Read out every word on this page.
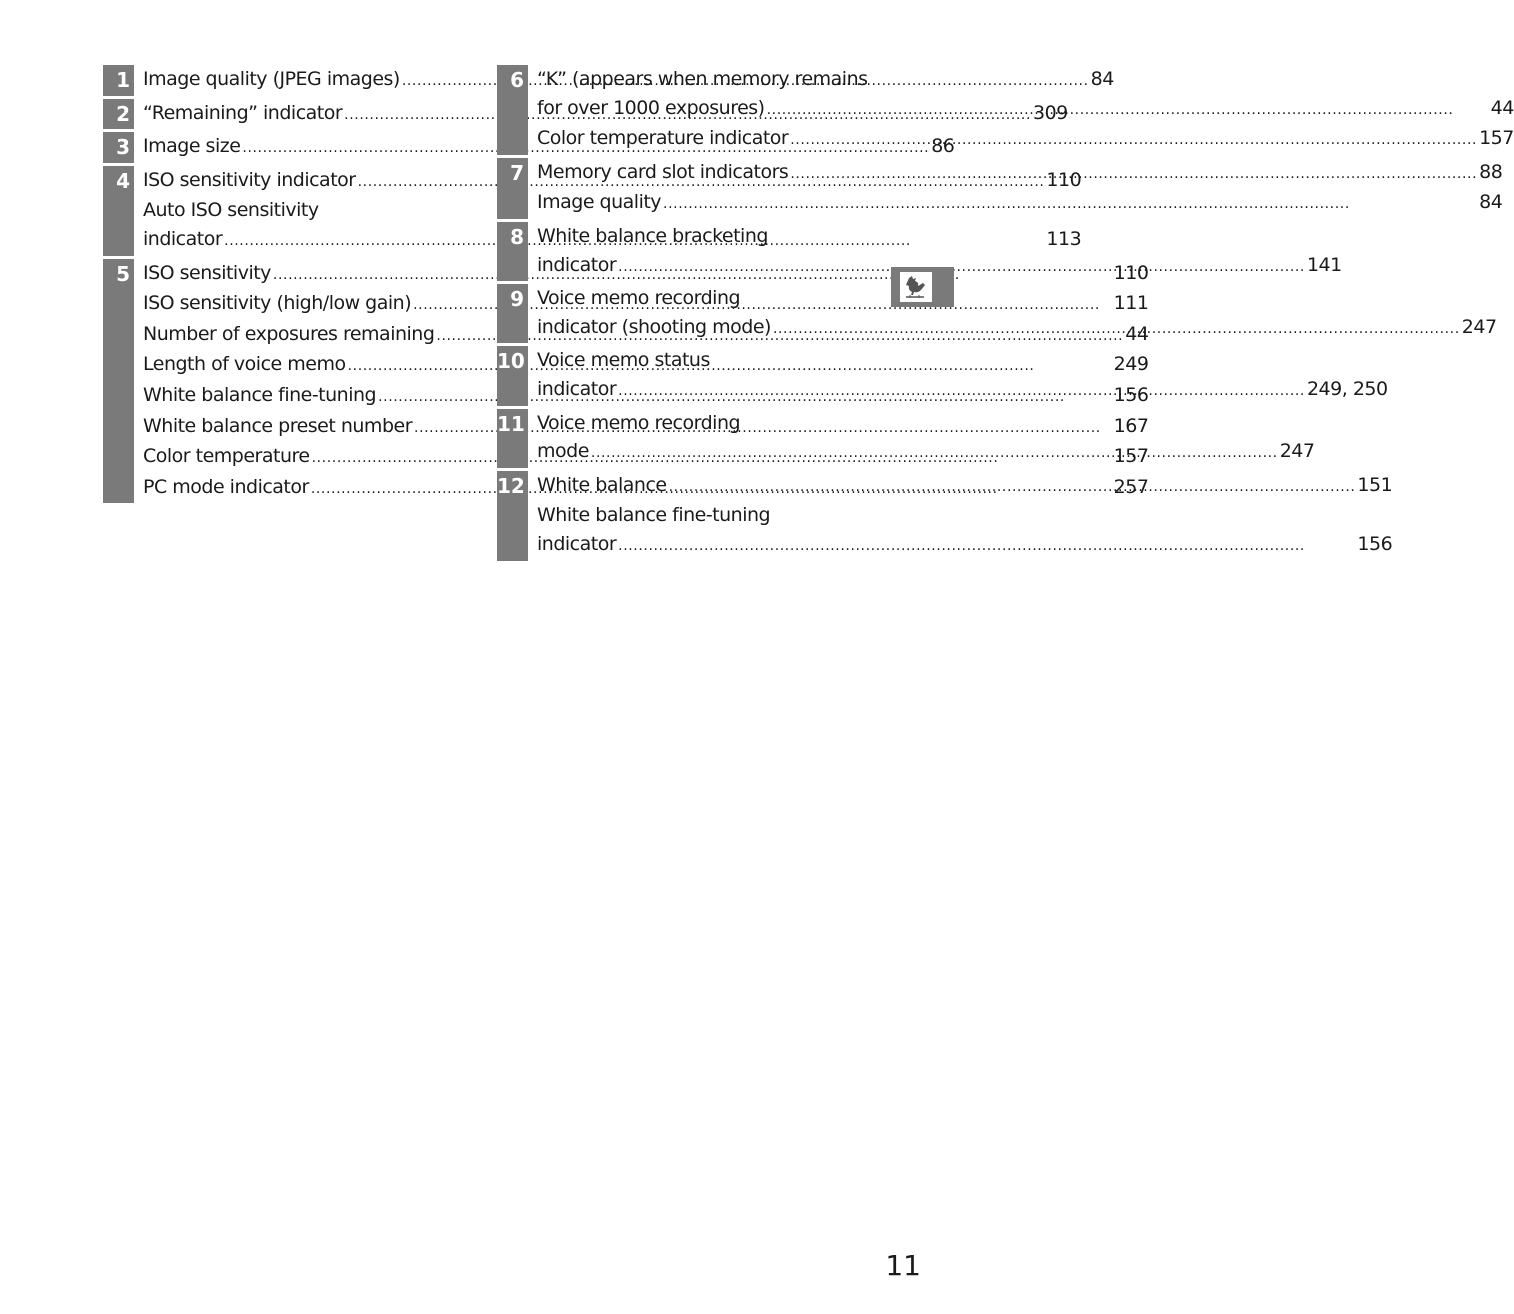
1 Image quality (JPEG images) .....	84
2 “Remaining” indicator .....	309
3 Image size .....	86
4 ISO sensitivity indicator .....	110
Auto ISO sensitivity
indicator .....	113
5 ISO sensitivity .....	110
ISO sensitivity (high/low gain) .....	111
Number of exposures remaining .....	44
Length of voice memo .....	249
White balance fine-tuning .....	156
White balance preset number .....	167
Color temperature .....	157
PC mode indicator .....	257
6 “K” (appears when memory remains
for over 1000 exposures) .....	44
Color temperature indicator .....	157
7 Memory card slot indicators .....	88
Image quality .....	84
8 White balance bracketing
indicator .....	141
9 Voice memo recording
indicator (shooting mode) .....	247
10 Voice memo status
indicator .....	249, 250
11 Voice memo recording
mode .....	247
12 White balance .....	151
White balance fine-tuning
indicator .....	156
11
